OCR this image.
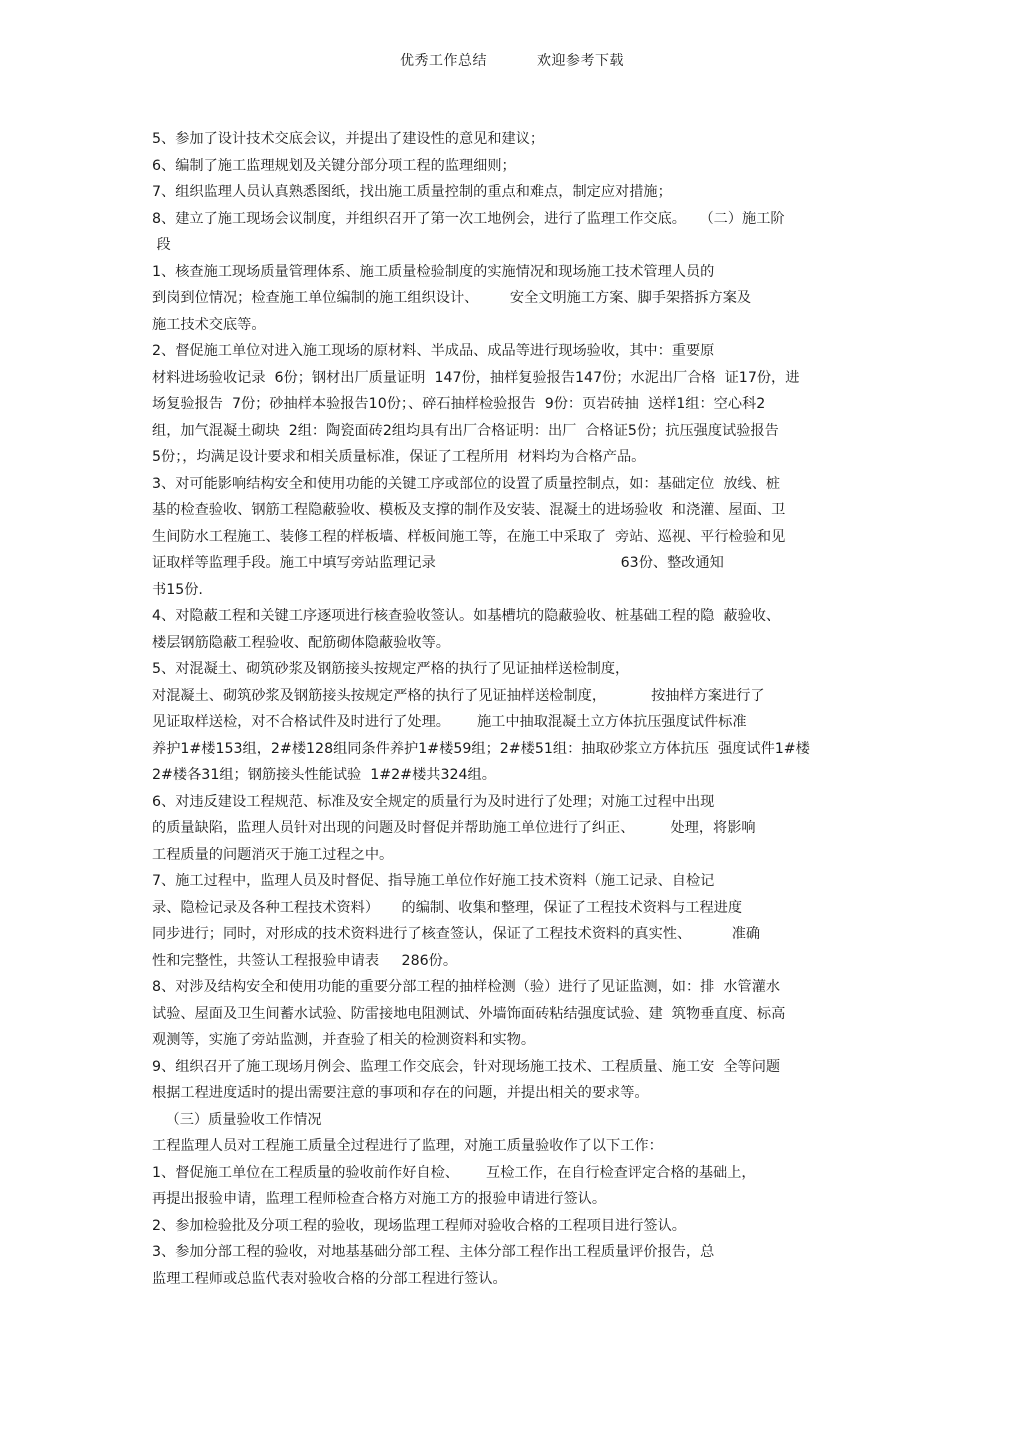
优秀工作总结	欢迎参考下载

5、参加了设计技术交底会议，并提出了建设性的意见和建议；

6、编制了施工监理规划及关键分部分项工程的监理细则；

7、组织监理人员认真熟悉图纸，找出施工质量控制的重点和难点，制定应对措施；

8、建立了施工现场会议制度，并组织召开了第一次工地例会，进行了监理工作交底。   （二）施工阶

段

1、核查施工现场质量管理体系、施工质量检验制度的实施情况和现场施工技术管理人员的

到岗到位情况；检查施工单位编制的施工组织设计、       安全文明施工方案、脚手架搭拆方案及

施工技术交底等。

2、督促施工单位对进入施工现场的原材料、半成品、成品等进行现场验收，其中：重要原

材料进场验收记录  6份；钢材出厂质量证明  147份，抽样复验报告147份；水泥出厂合格  证17份，进

场复验报告  7份；砂抽样本验报告10份；、碎石抽样检验报告  9份：页岩砖抽  送样1组：空心科2

组，加气混凝土砌块  2组：陶瓷面砖2组均具有出厂合格证明：出厂  合格证5份；抗压强度试验报告

5份；，均满足设计要求和相关质量标准，保证了工程所用  材料均为合格产品。

3、对可能影响结构安全和使用功能的关键工序或部位的设置了质量控制点，如：基础定位  放线、桩

基的检查验收、钢筋工程隐蔽验收、模板及支撑的制作及安装、混凝土的进场验收  和浇灌、屋面、卫

生间防水工程施工、装修工程的样板墙、样板间施工等，在施工中采取了  旁站、巡视、平行检验和见

证取样等监理手段。施工中填写旁站监理记录                                         63份、整改通知

书15份.

4、对隐蔽工程和关键工序逐项进行核查验收签认。如基槽坑的隐蔽验收、桩基础工程的隐  蔽验收、

楼层钢筋隐蔽工程验收、配筋砌体隐蔽验收等。

5、对混凝土、砌筑砂浆及钢筋接头按规定严格的执行了见证抽样送检制度，

对混凝土、砌筑砂浆及钢筋接头按规定严格的执行了见证抽样送检制度，          按抽样方案进行了

见证取样送检，对不合格试件及时进行了处理。      施工中抽取混凝土立方体抗压强度试件标准

养护1#楼153组，2#楼128组同条件养护1#楼59组；2#楼51组：抽取砂浆立方体抗压  强度试件1#楼

2#楼各31组；钢筋接头性能试验  1#2#楼共324组。

6、对违反建设工程规范、标准及安全规定的质量行为及时进行了处理；对施工过程中出现

的质量缺陷，监理人员针对出现的问题及时督促并帮助施工单位进行了纠正、        处理，将影响

工程质量的问题消灭于施工过程之中。

7、施工过程中，监理人员及时督促、指导施工单位作好施工技术资料（施工记录、自检记

录、隐检记录及各种工程技术资料）     的编制、收集和整理，保证了工程技术资料与工程进度

同步进行；同时，对形成的技术资料进行了核查签认，保证了工程技术资料的真实性、         准确

性和完整性，共签认工程报验申请表     286份。

8、对涉及结构安全和使用功能的重要分部工程的抽样检测（验）进行了见证监测，如：排  水管灌水

试验、屋面及卫生间蓄水试验、防雷接地电阻测试、外墙饰面砖粘结强度试验、建  筑物垂直度、标高

观测等，实施了旁站监测，并查验了相关的检测资料和实物。

9、组织召开了施工现场月例会、监理工作交底会，针对现场施工技术、工程质量、施工安  全等问题

根据工程进度适时的提出需要注意的事项和存在的问题，并提出相关的要求等。

（三）质量验收工作情况

工程监理人员对工程施工质量全过程进行了监理，对施工质量验收作了以下工作：

1、督促施工单位在工程质量的验收前作好自检、      互检工作，在自行检查评定合格的基础上，

再提出报验申请，监理工程师检查合格方对施工方的报验申请进行签认。

2、参加检验批及分项工程的验收，现场监理工程师对验收合格的工程项目进行签认。

3、参加分部工程的验收，对地基基础分部工程、主体分部工程作出工程质量评价报告，总

监理工程师或总监代表对验收合格的分部工程进行签认。
